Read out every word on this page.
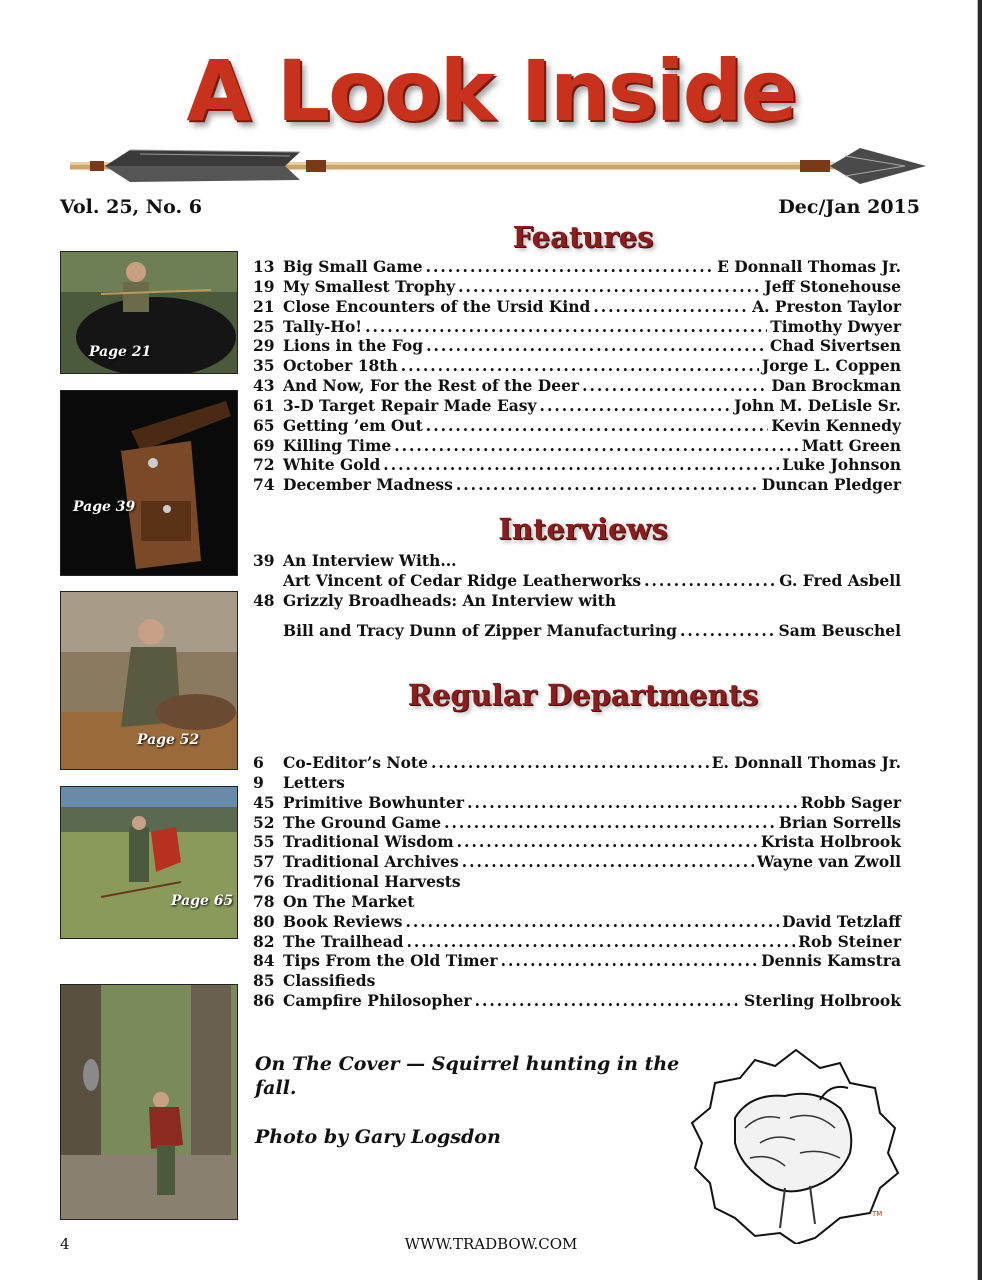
A Look Inside
Vol. 25, No. 6	Dec/Jan 2015
Features
13 Big Small Game .....	E Donnall Thomas Jr.
19 My Smallest Trophy .....	Jeff Stonehouse
21 Close Encounters of the Ursid Kind .....	A. Preston Taylor
25 Tally-Ho! .....	Timothy Dwyer
29 Lions in the Fog .....	Chad Sivertsen
35 October 18th .....	Jorge L. Coppen
43 And Now, For the Rest of the Deer .....	Dan Brockman
61 3-D Target Repair Made Easy .....	John M. DeLisle Sr.
65 Getting ’em Out .....	Kevin Kennedy
69 Killing Time .....	Matt Green
72 White Gold .....	Luke Johnson
74 December Madness .....	Duncan Pledger
Interviews
39 An Interview With...
Art Vincent of Cedar Ridge Leatherworks .....	G. Fred Asbell
48 Grizzly Broadheads: An Interview with
Bill and Tracy Dunn of Zipper Manufacturing .....	Sam Beuschel
Regular Departments
6	Co-Editor’s Note .....	E. Donnall Thomas Jr.
9	Letters
45 Primitive Bowhunter .....	Robb Sager
52 The Ground Game .....	Brian Sorrells
55 Traditional Wisdom .....	Krista Holbrook
57 Traditional Archives .....	Wayne van Zwoll
76 Traditional Harvests
78 On The Market
80 Book Reviews .....	David Tetzlaff
82 The Trailhead .....	Rob Steiner
84 Tips From the Old Timer .....	Dennis Kamstra
85 Classifieds
86 Campfire Philosopher .....	Sterling Holbrook
Page 21
Page 39
Page 52
Page 65
On The Cover — Squirrel hunting in the fall.
Photo by Gary Logsdon
TM
4	WWW.TRADBOW.COM
